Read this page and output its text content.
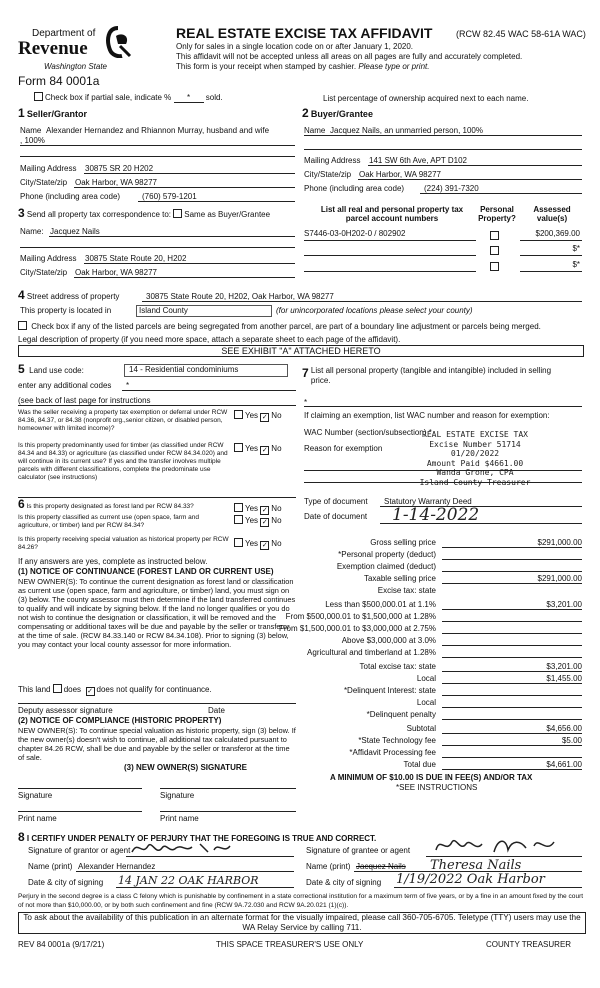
Department of
Revenue
Washington State
Form 84 0001a
REAL ESTATE EXCISE TAX AFFIDAVIT	(RCW 82.45 WAC 58-61A WAC)
Only for sales in a single location code on or after January 1, 2020.
This affidavit will not be accepted unless all areas on all pages are fully and accurately completed.
This form is your receipt when stamped by cashier. Please type or print.
Check box if partial sale, indicate % * sold.	List percentage of ownership acquired next to each name.
1 Seller/Grantor
Name Alexander Hernandez and Rhiannon Murray, husband and wife
, 100%
Mailing Address 30875 SR 20 H202
City/State/zip Oak Harbor, WA 98277
Phone (including area code)	(760) 579-1201
2 Buyer/Grantee
Name Jacquez Nails, an unmarried person, 100%
Mailing Address 141 SW 6th Ave, APT D102
City/State/zip Oak Harbor, WA 98277
Phone (including area code) (224) 391-7320
3 Send all property tax correspondence to: Same as Buyer/Grantee
Name: Jacquez Nails
Mailing Address 30875 State Route 20, H202
City/State/zip Oak Harbor, WA 98277
List all real and personal property tax parcel account numbers
Personal Property?
Assessed value(s)
S7446-03-0H202-0 / 802902	$200,369.00
$*
$*
4 Street address of property	30875 State Route 20, H202, Oak Harbor, WA 98277
This property is located in	Island County	(for unincorporated locations please select your county)
Check box if any of the listed parcels are being segregated from another parcel, are part of a boundary line adjustment or parcels being merged.
Legal description of property (if you need more space, attach a separate sheet to each page of the affidavit).
SEE EXHIBIT "A" ATTACHED HERETO
5 Land use code:	14 - Residential condominiums
enter any additional codes *
(see back of last page for instructions
Was the seller receiving a property tax exemption or deferral under RCW 84.36, 84.37, or 84.38 (nonprofit org.,senior citizen, or disabled person, homeowner with limited income)?
Yes ✓ No
Is this property predominantly used for timber (as classified under RCW 84.34 and 84.33) or agriculture (as classified under RCW 84.34.020) and will continue in its current use? If yes and the transfer involves multiple parcels with different classifications, complete the predominate use calculator (see instructions)
Yes ✓ No
6 Is this property designated as forest land per RCW 84.33?	Yes ✓ No
Is this property classified as current use (open space, farm and agriculture, or timber) land per RCW 84.34?
Yes ✓ No
Is this property receiving special valuation as historical property per RCW 84.26?	Yes ✓ No
If any answers are yes, complete as instructed below.
(1) NOTICE OF CONTINUANCE (FOREST LAND OR CURRENT USE)
NEW OWNER(S): To continue the current designation as forest land or classification as current use (open space, farm and agriculture, or timber) land, you must sign on (3) below. The county assessor must then determine if the land transferred continues to qualify and will indicate by signing below. If the land no longer qualifies or you do not wish to continue the designation or classification, it will be removed and the compensating or additional taxes will be due and payable by the seller or transferor at the time of sale. (RCW 84.33.140 or RCW 84.34.108). Prior to signing (3) below, you may contact your local county assessor for more information.
This land does ✓ does not qualify for continuance.
Deputy assessor signature	Date
(2) NOTICE OF COMPLIANCE (HISTORIC PROPERTY)
NEW OWNER(S): To continue special valuation as historic property, sign (3) below. If the new owner(s) doesn't wish to continue, all additional tax calculated pursuant to chapter 84.26 RCW, shall be due and payable by the seller or transferor at the time of sale.
(3) NEW OWNER(S) SIGNATURE
Signature	Signature
Print name	Print name
7 List all personal property (tangible and intangible) included in selling price.
*
If claiming an exemption, list WAC number and reason for exemption:
WAC Number (section/subsection) *
Reason for exemption
REAL ESTATE EXCISE TAX
Excise Number 51714
01/20/2022
Amount Paid $4661.00
Wanda Grone, CPA
Island County Treasurer
Type of document Statutory Warranty Deed
Date of document 1-14-2022
Gross selling price	$291,000.00
*Personal property (deduct)
Exemption claimed (deduct)
Taxable selling price	$291,000.00
Excise tax: state
Less than $500,000.01 at 1.1%	$3,201.00
From $500,000.01 to $1,500,000 at 1.28%
From $1,500,000.01 to $3,000,000 at 2.75%
Above $3,000,000 at 3.0%
Agricultural and timberland at 1.28%
Total excise tax: state	$3,201.00
Local	$1,455.00
*Delinquent Interest: state
Local
*Delinquent penalty
Subtotal	$4,656.00
*State Technology fee	$5.00
*Affidavit Processing fee
Total due	$4,661.00
A MINIMUM OF $10.00 IS DUE IN FEE(S) AND/OR TAX
*SEE INSTRUCTIONS
8 I CERTIFY UNDER PENALTY OF PERJURY THAT THE FOREGOING IS TRUE AND CORRECT.
Signature of grantor or agent
Name (print) Alexander Hernandez
Date & city of signing 14 JAN 22 OAK HARBOR
Signature of grantee or agent
Name (print) Jacquez Nails Theresa Nails
Date & city of signing 1/19/2022 Oak Harbor
Perjury in the second degree is a class C felony which is punishable by confinement in a state correctional institution for a maximum term of five years, or by a fine in an amount fixed by the court of not more than $10,000.00, or by both such confinement and fine (RCW 9A.72.030 and RCW 9A.20.021 (1)(c)).
To ask about the availability of this publication in an alternate format for the visually impaired, please call 360-705-6705. Teletype (TTY) users may use the WA Relay Service by calling 711.
REV 84 0001a (9/17/21)	THIS SPACE TREASURER'S USE ONLY	COUNTY TREASURER
